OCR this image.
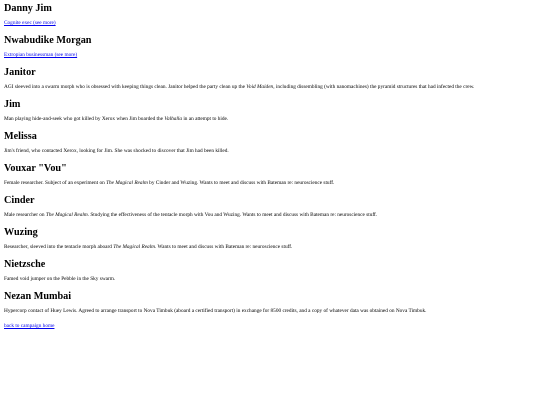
Danny Jim

Cognite exec (see more)

Nwabudike Morgan

Extropian businessman (see more)

Janitor

AGI sleeved into a swarm morph who is obsessed with keeping things clean. Janitor helped the party clean up the Void Maiden, including dissembling (with nanomachines) the pyramid structures that had infected the crew.

Jim

Man playing hide-and-seek who got killed by Xerox when Jim boarded the Valhalla in an attempt to hide.

Melissa

Jim's friend, who contacted Xerox, looking for Jim. She was shocked to discover that Jim had been killed.

Vouxar "Vou"

Female researcher. Subject of an experiment on The Magical Realm by Cinder and Wuzing. Wants to meet and discuss with Bateman re: neuroscience stuff.

Cinder

Male researcher on The Magical Realm. Studying the effectiveness of the tentacle morph with Vou and Wuzing. Wants to meet and discuss with Bateman re: neuroscience stuff.

Wuzing

Researcher, sleeved into the tentacle morph aboard The Magical Realm. Wants to meet and discuss with Bateman re: neuroscience stuff.

Nietzsche

Famed void jumper on the Pebble in the Sky swarm.

Nezan Mumbai

Hypercorp contact of Huey Lewis. Agreed to arrange transport to Nova Timbuk (aboard a certified transport) in exchange for 8500 credits, and a copy of whatever data was obtained on Nova Timbuk.

back to campaign home
